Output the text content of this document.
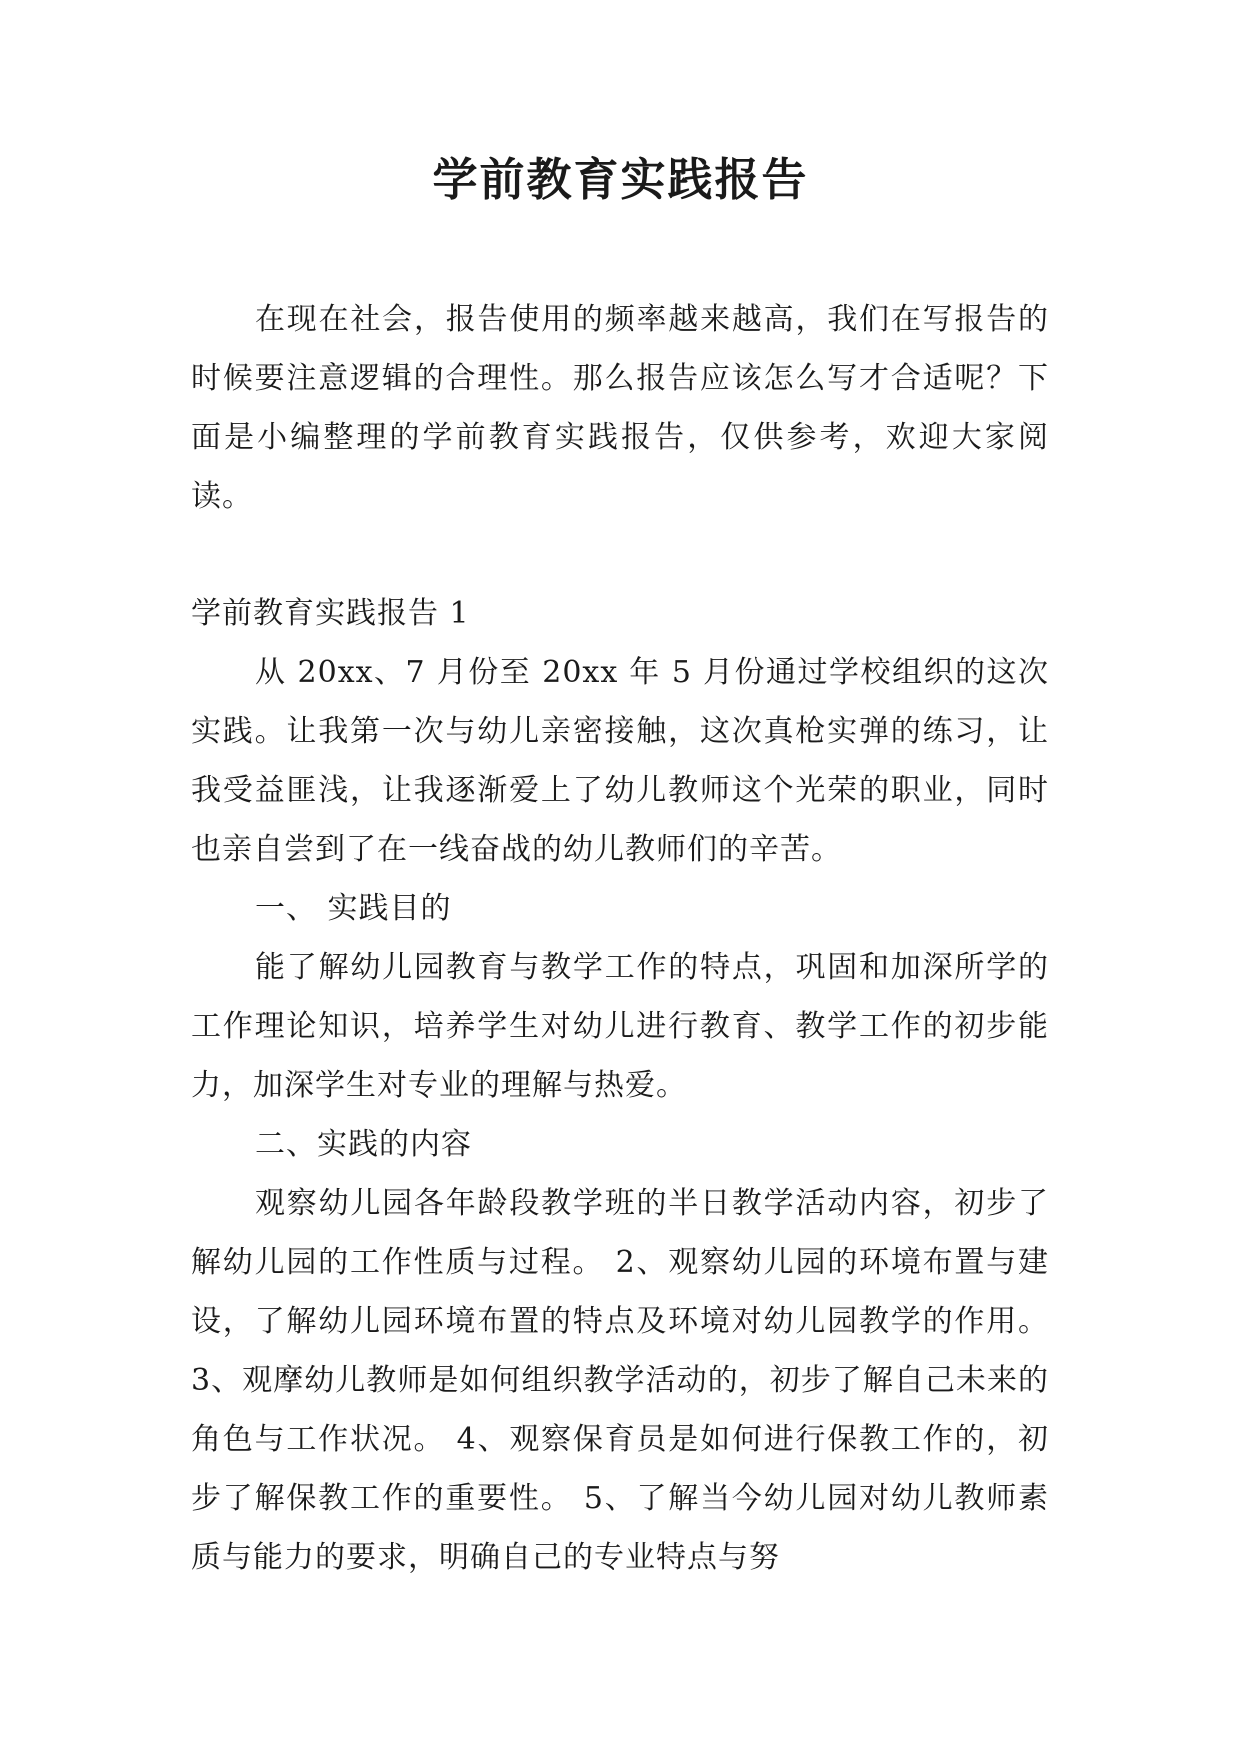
学前教育实践报告

在现在社会，报告使用的频率越来越高，我们在写报告的时候要注意逻辑的合理性。那么报告应该怎么写才合适呢？下面是小编整理的学前教育实践报告，仅供参考，欢迎大家阅读。

学前教育实践报告 1

从 20xx、7 月份至 20xx 年 5 月份通过学校组织的这次实践。让我第一次与幼儿亲密接触，这次真枪实弹的练习，让我受益匪浅，让我逐渐爱上了幼儿教师这个光荣的职业，同时也亲自尝到了在一线奋战的幼儿教师们的辛苦。

一、 实践目的

能了解幼儿园教育与教学工作的特点，巩固和加深所学的工作理论知识，培养学生对幼儿进行教育、教学工作的初步能力，加深学生对专业的理解与热爱。

二、实践的内容

观察幼儿园各年龄段教学班的半日教学活动内容，初步了解幼儿园的工作性质与过程。 2、观察幼儿园的环境布置与建设，了解幼儿园环境布置的特点及环境对幼儿园教学的作用。 3、观摩幼儿教师是如何组织教学活动的，初步了解自己未来的角色与工作状况。 4、观察保育员是如何进行保教工作的，初步了解保教工作的重要性。 5、了解当今幼儿园对幼儿教师素质与能力的要求，明确自己的专业特点与努
